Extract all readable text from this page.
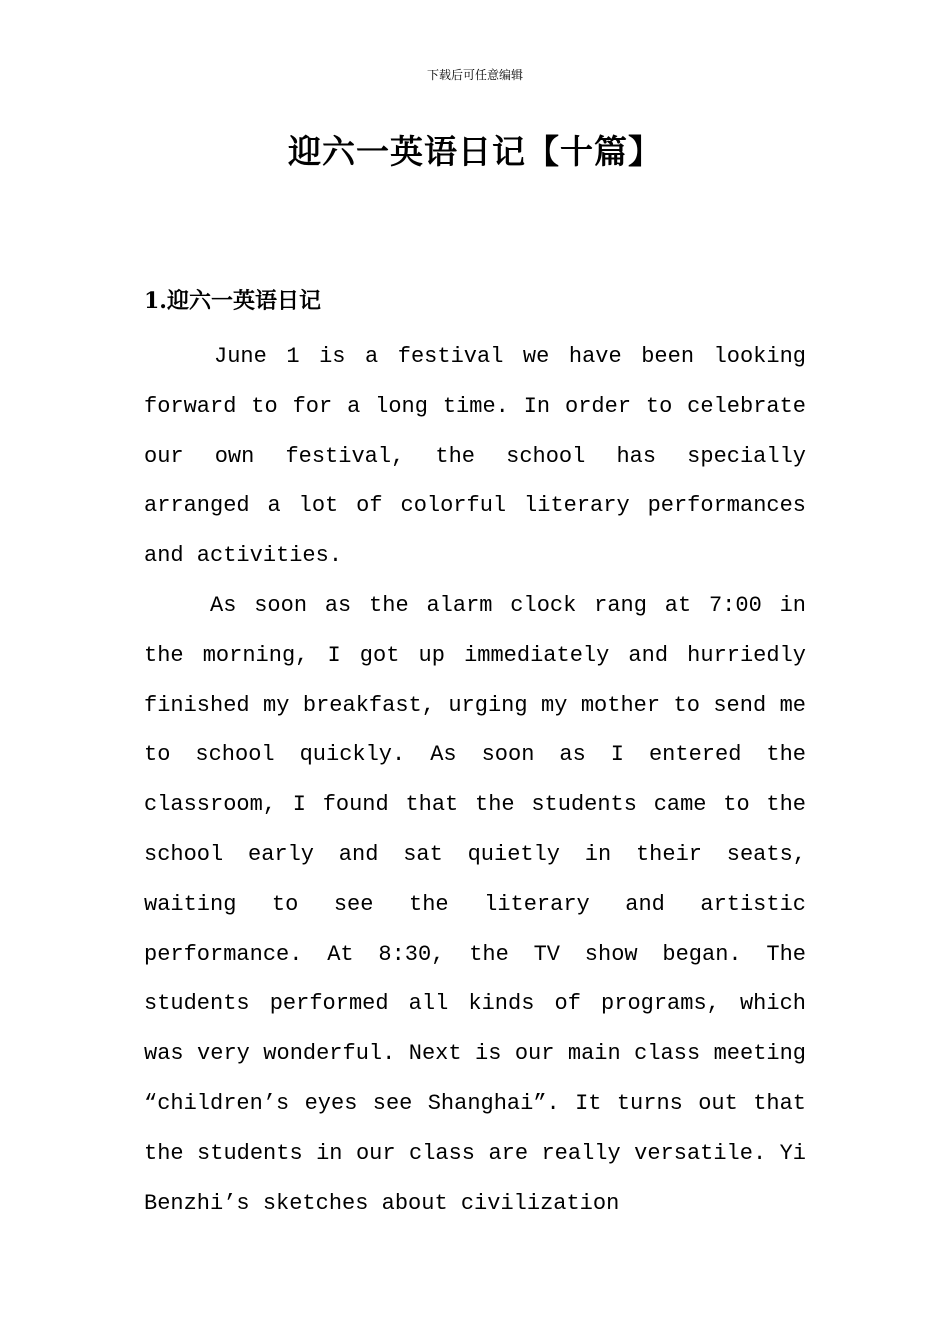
下载后可任意编辑
迎六一英语日记【十篇】
1.迎六一英语日记

June 1 is a festival we have been looking forward to for a long time. In order to celebrate our own festival, the school has specially arranged a lot of colorful literary performances and activities.

As soon as the alarm clock rang at 7:00 in the morning, I got up immediately and hurriedly finished my breakfast, urging my mother to send me to school quickly. As soon as I entered the classroom, I found that the students came to the school early and sat quietly in their seats, waiting to see the literary and artistic performance. At 8:30, the TV show began. The students performed all kinds of programs, which was very wonderful. Next is our main class meeting “children’s eyes see Shanghai”. It turns out that the students in our class are really versatile. Yi Benzhi’s sketches about civilization
